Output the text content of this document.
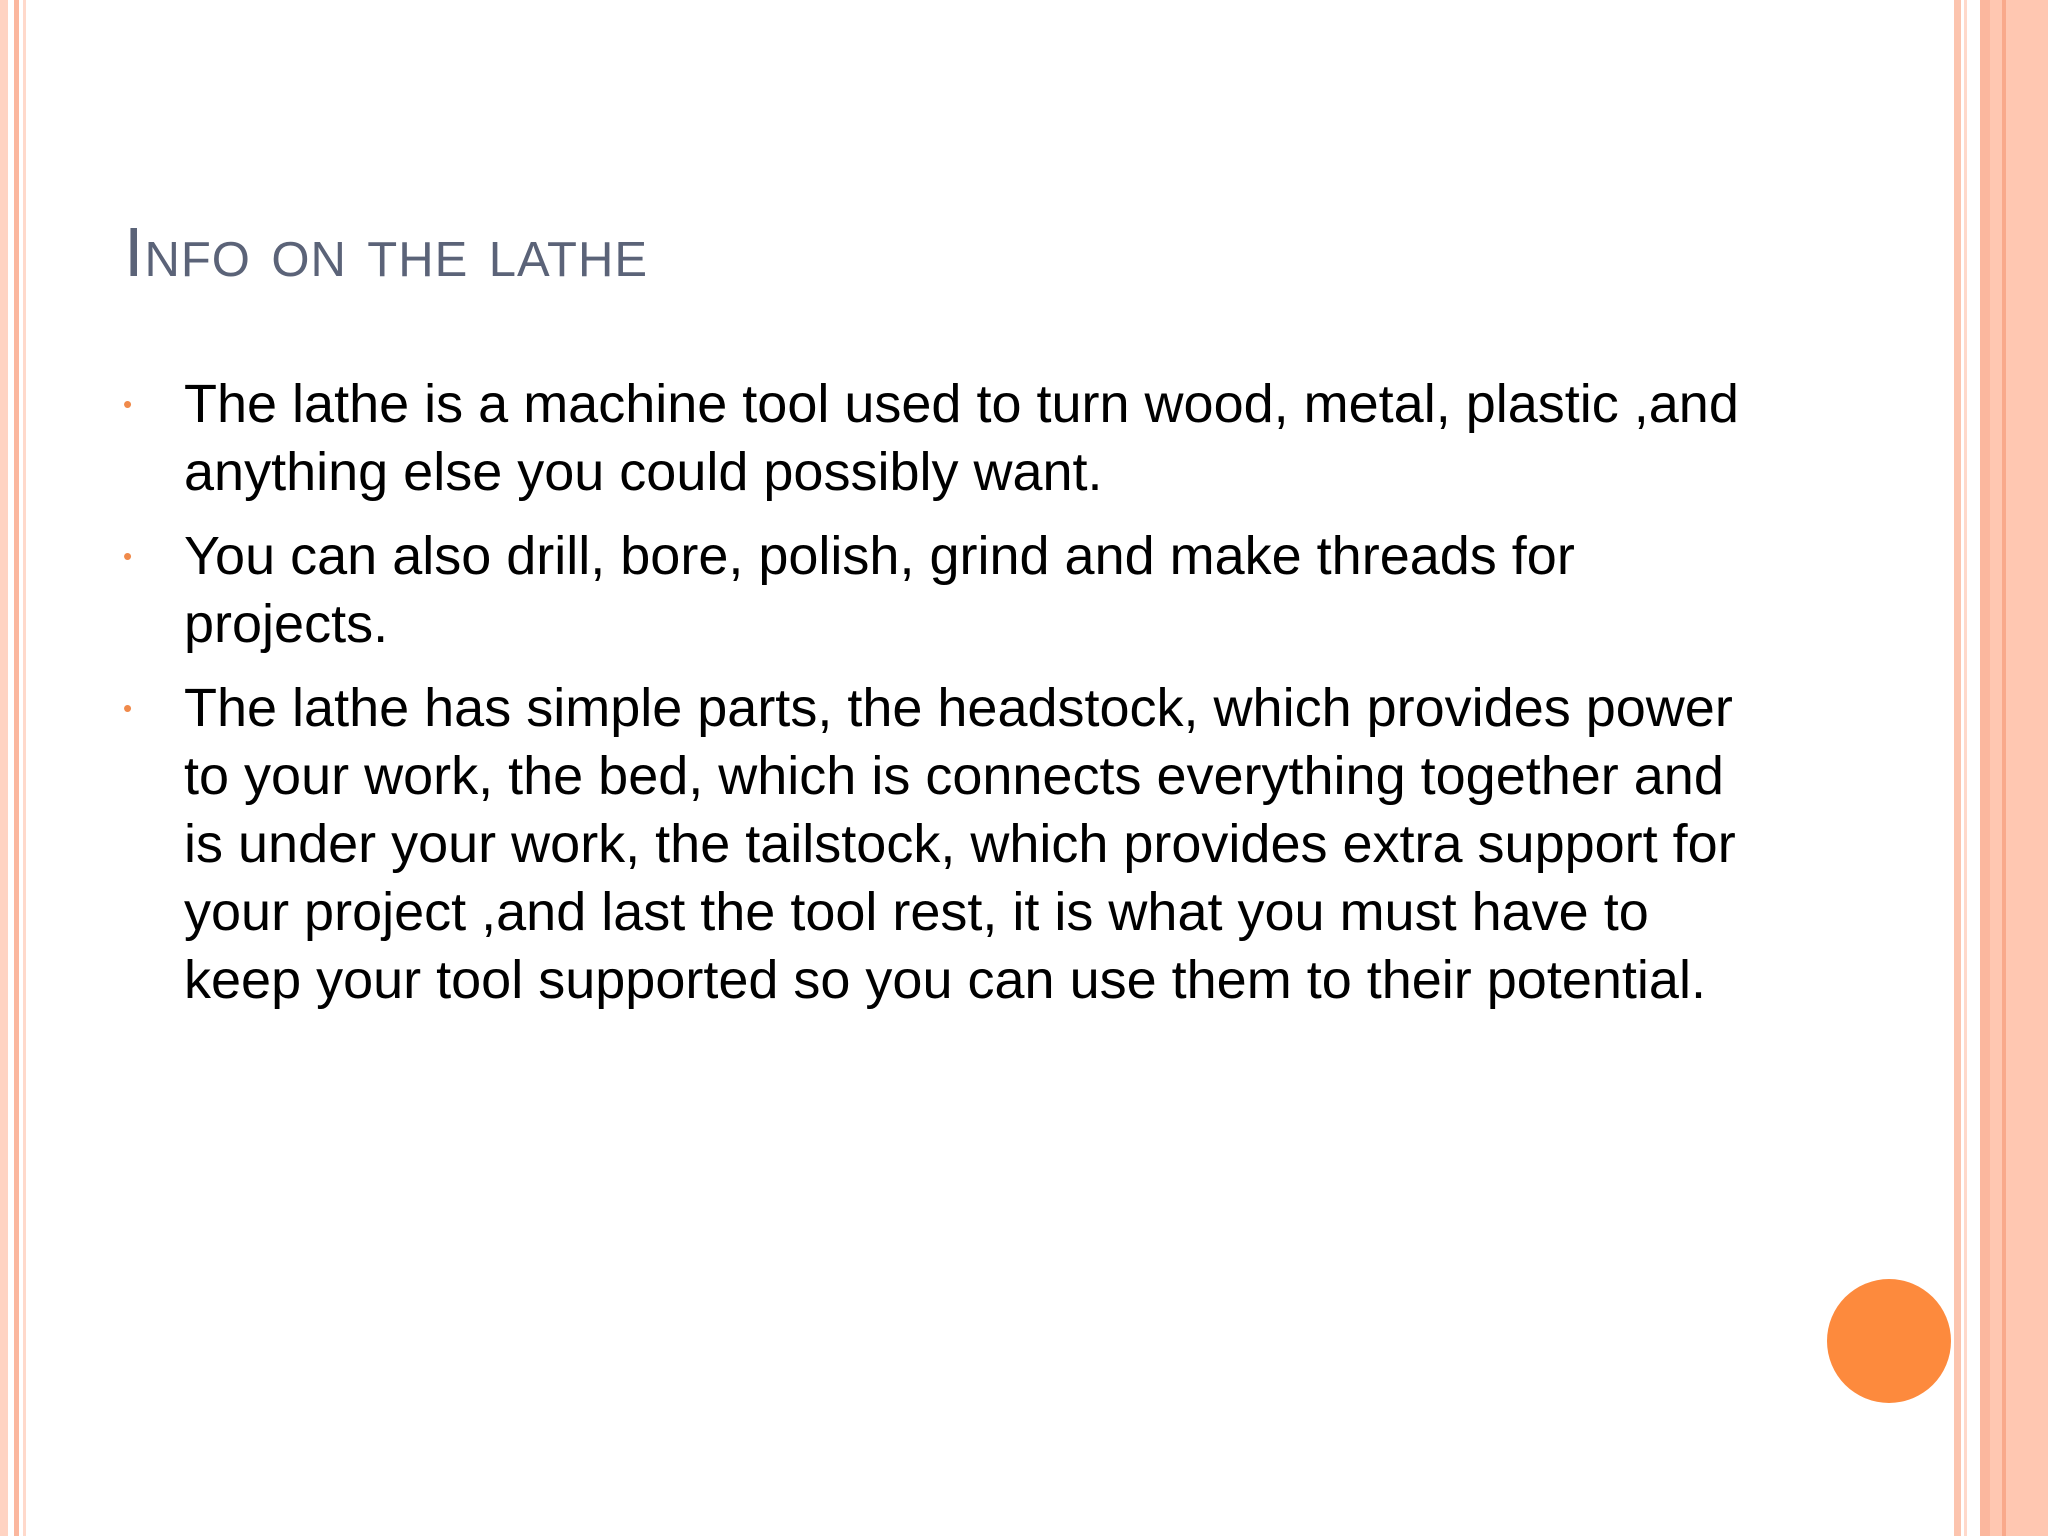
Info on the lathe
• The lathe is a machine tool used to turn wood, metal, plastic ,and anything else you could possibly want.
• You can also drill, bore, polish, grind and make threads for projects.
• The lathe has simple parts, the headstock, which provides power to your work, the bed, which is connects everything together and is under your work, the tailstock, which provides extra support for your project ,and last the tool rest, it is what you must have to keep your tool supported so you can use them to their potential.
